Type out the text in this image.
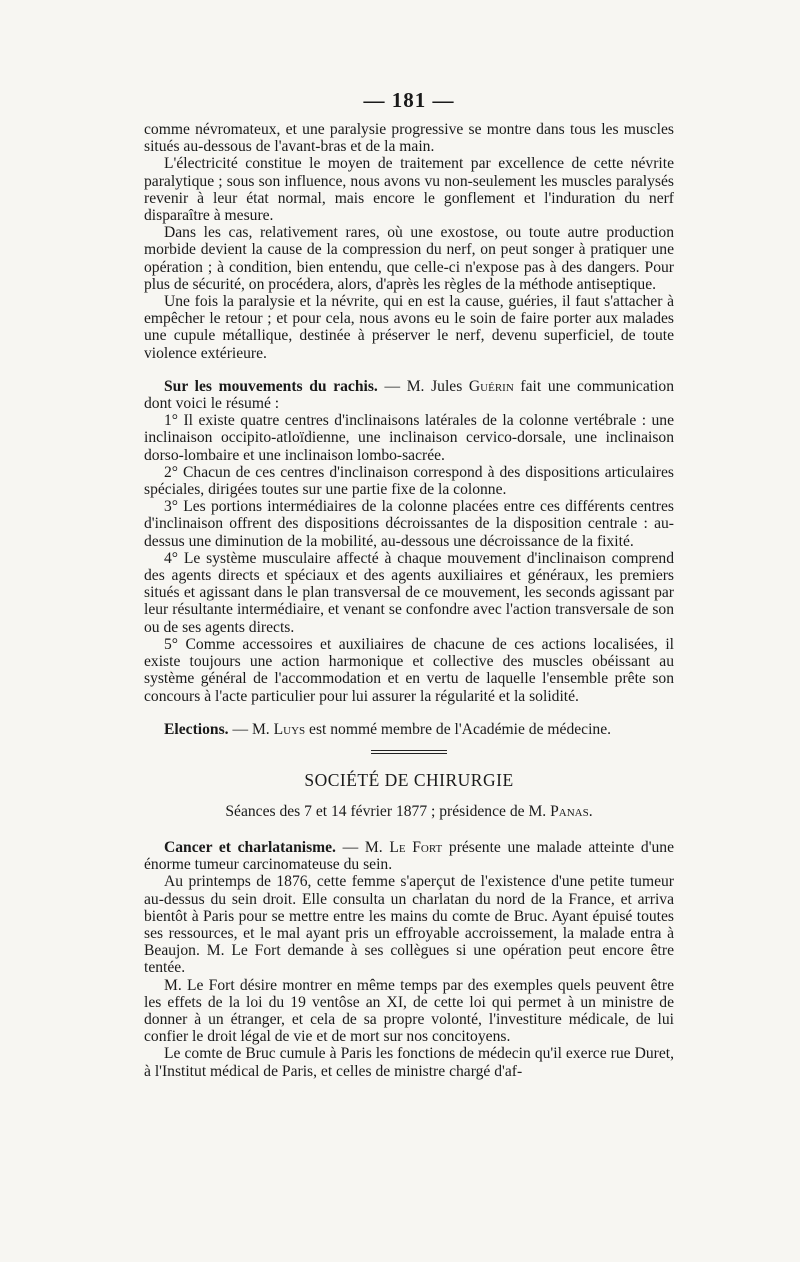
— 181 —

comme névromateux, et une paralysie progressive se montre dans tous les muscles situés au-dessous de l'avant-bras et de la main.

L'électricité constitue le moyen de traitement par excellence de cette névrite paralytique ; sous son influence, nous avons vu non-seulement les muscles paralysés revenir à leur état normal, mais encore le gonflement et l'induration du nerf disparaître à mesure.

Dans les cas, relativement rares, où une exostose, ou toute autre production morbide devient la cause de la compression du nerf, on peut songer à pratiquer une opération ; à condition, bien entendu, que celle-ci n'expose pas à des dangers. Pour plus de sécurité, on procédera, alors, d'après les règles de la méthode antiseptique.

Une fois la paralysie et la névrite, qui en est la cause, guéries, il faut s'attacher à empêcher le retour ; et pour cela, nous avons eu le soin de faire porter aux malades une cupule métallique, destinée à préserver le nerf, devenu superficiel, de toute violence extérieure.

Sur les mouvements du rachis. — M. Jules Guérin fait une communication dont voici le résumé :

1° Il existe quatre centres d'inclinaisons latérales de la colonne vertébrale : une inclinaison occipito-atloïdienne, une inclinaison cervico-dorsale, une inclinaison dorso-lombaire et une inclinaison lombo-sacrée.

2° Chacun de ces centres d'inclinaison correspond à des dispositions articulaires spéciales, dirigées toutes sur une partie fixe de la colonne.

3° Les portions intermédiaires de la colonne placées entre ces différents centres d'inclinaison offrent des dispositions décroissantes de la disposition centrale : au-dessus une diminution de la mobilité, au-dessous une décroissance de la fixité.

4° Le système musculaire affecté à chaque mouvement d'inclinaison comprend des agents directs et spéciaux et des agents auxiliaires et généraux, les premiers situés et agissant dans le plan transversal de ce mouvement, les seconds agissant par leur résultante intermédiaire, et venant se confondre avec l'action transversale de son ou de ses agents directs.

5° Comme accessoires et auxiliaires de chacune de ces actions localisées, il existe toujours une action harmonique et collective des muscles obéissant au système général de l'accommodation et en vertu de laquelle l'ensemble prête son concours à l'acte particulier pour lui assurer la régularité et la solidité.

Elections. — M. Luys est nommé membre de l'Académie de médecine.

SOCIÉTÉ DE CHIRURGIE
Séances des 7 et 14 février 1877 ; présidence de M. Panas.

Cancer et charlatanisme. — M. Le Fort présente une malade atteinte d'une énorme tumeur carcinomateuse du sein.

Au printemps de 1876, cette femme s'aperçut de l'existence d'une petite tumeur au-dessus du sein droit. Elle consulta un charlatan du nord de la France, et arriva bientôt à Paris pour se mettre entre les mains du comte de Bruc. Ayant épuisé toutes ses ressources, et le mal ayant pris un effroyable accroissement, la malade entra à Beaujon. M. Le Fort demande à ses collègues si une opération peut encore être tentée.

M. Le Fort désire montrer en même temps par des exemples quels peuvent être les effets de la loi du 19 ventôse an XI, de cette loi qui permet à un ministre de donner à un étranger, et cela de sa propre volonté, l'investiture médicale, de lui confier le droit légal de vie et de mort sur nos concitoyens.

Le comte de Bruc cumule à Paris les fonctions de médecin qu'il exerce rue Duret, à l'Institut médical de Paris, et celles de ministre chargé d'af-
